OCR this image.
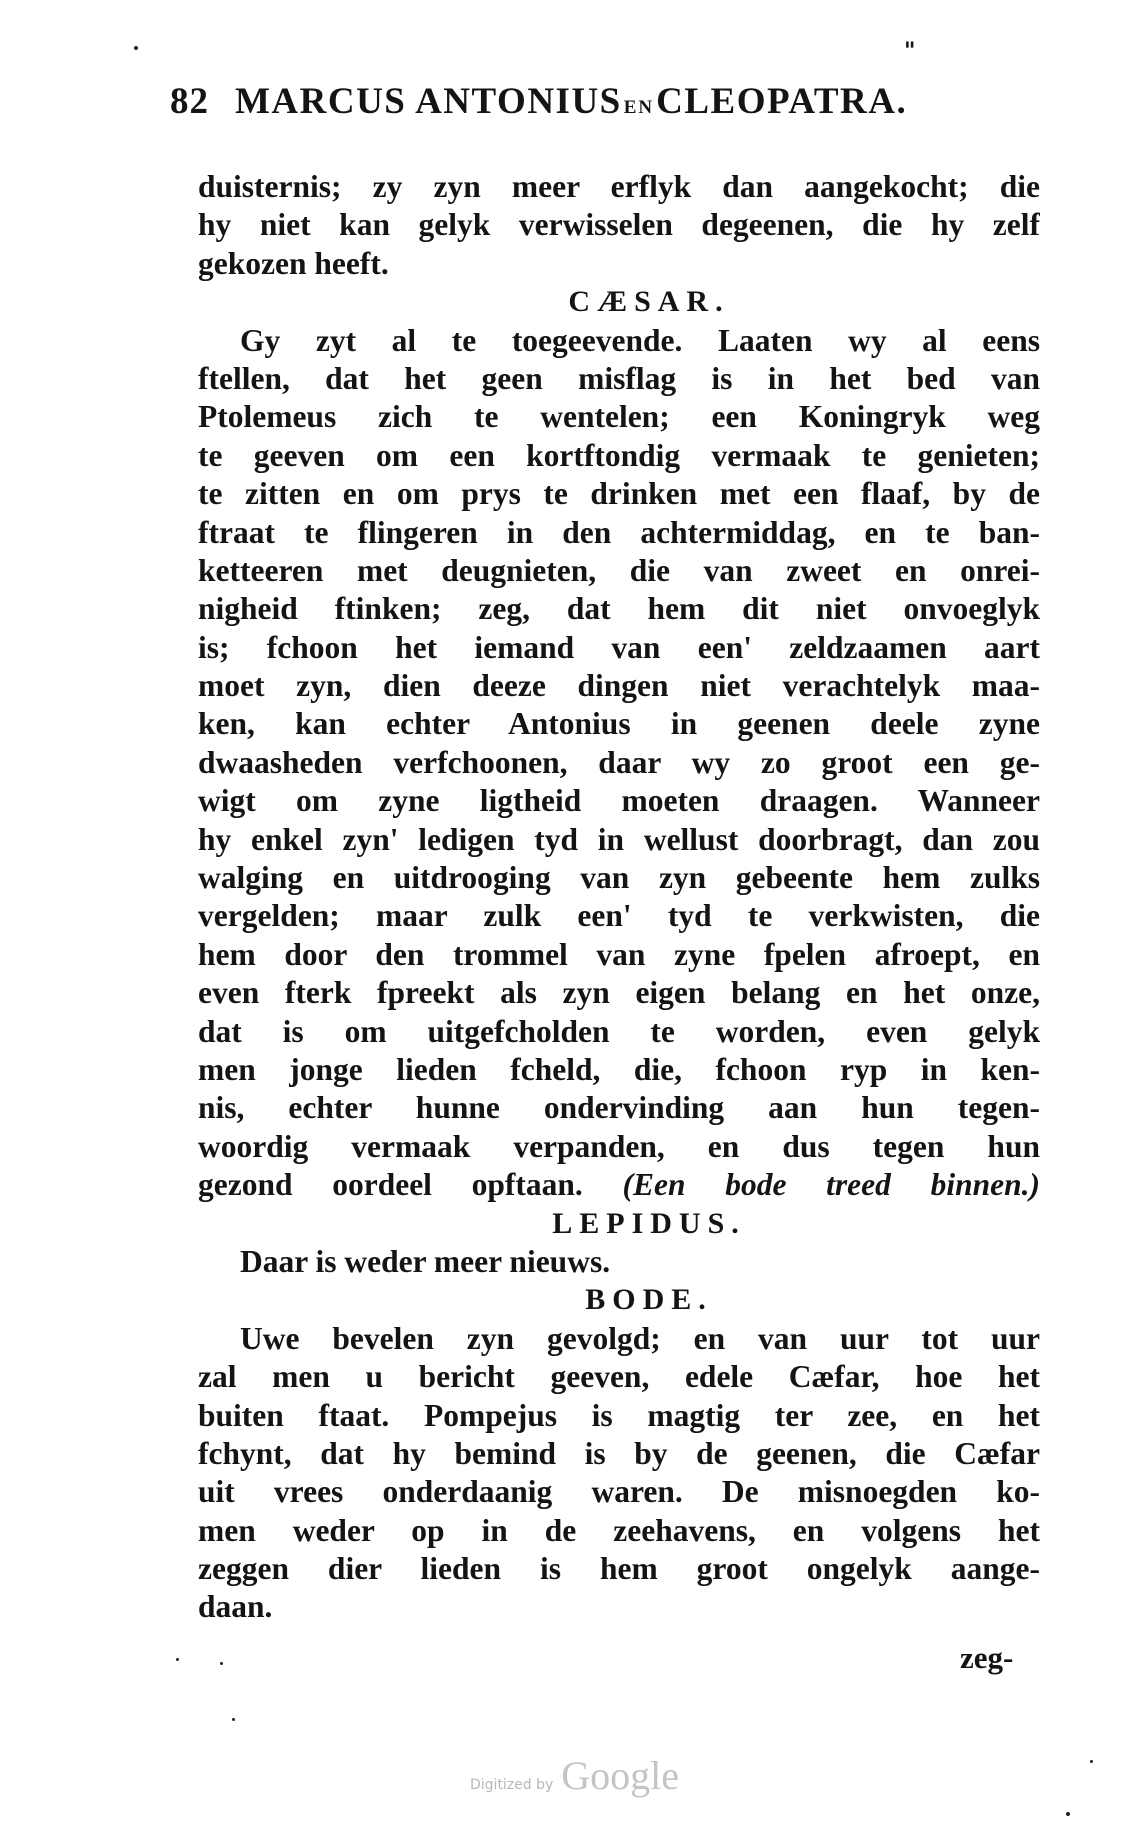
"
82 MARCUS ANTONIUS EN CLEOPATRA.
duisternis; zy zyn meer erflyk dan aangekocht; die
hy niet kan gelyk verwisselen degeenen, die hy zelf
gekozen heeft.
CÆSAR.
Gy zyt al te toegeevende. Laaten wy al eens
ftellen, dat het geen misflag is in het bed van
Ptolemeus zich te wentelen; een Koningryk weg
te geeven om een kortftondig vermaak te genieten;
te zitten en om prys te drinken met een flaaf, by de
ftraat te flingeren in den achtermiddag, en te ban-
ketteeren met deugnieten, die van zweet en onrei-
nigheid ftinken; zeg, dat hem dit niet onvoeglyk
is; fchoon het iemand van een' zeldzaamen aart
moet zyn, dien deeze dingen niet verachtelyk maa-
ken, kan echter Antonius in geenen deele zyne
dwaasheden verfchoonen, daar wy zo groot een ge-
wigt om zyne ligtheid moeten draagen. Wanneer
hy enkel zyn' ledigen tyd in wellust doorbragt, dan zou
walging en uitdrooging van zyn gebeente hem zulks
vergelden; maar zulk een' tyd te verkwisten, die
hem door den trommel van zyne fpelen afroept, en
even fterk fpreekt als zyn eigen belang en het onze,
dat is om uitgefcholden te worden, even gelyk
men jonge lieden fcheld, die, fchoon ryp in ken-
nis, echter hunne ondervinding aan hun tegen-
woordig vermaak verpanden, en dus tegen hun
gezond oordeel opftaan. (Een bode treed binnen.)
LEPIDUS.
Daar is weder meer nieuws.
BODE.
Uwe bevelen zyn gevolgd; en van uur tot uur
zal men u bericht geeven, edele Cæfar, hoe het
buiten ftaat. Pompejus is magtig ter zee, en het
fchynt, dat hy bemind is by de geenen, die Cæfar
uit vrees onderdaanig waren. De misnoegden ko-
men weder op in de zeehavens, en volgens het
zeggen dier lieden is hem groot ongelyk aange-
daan.
zeg-
Digitized by Google
